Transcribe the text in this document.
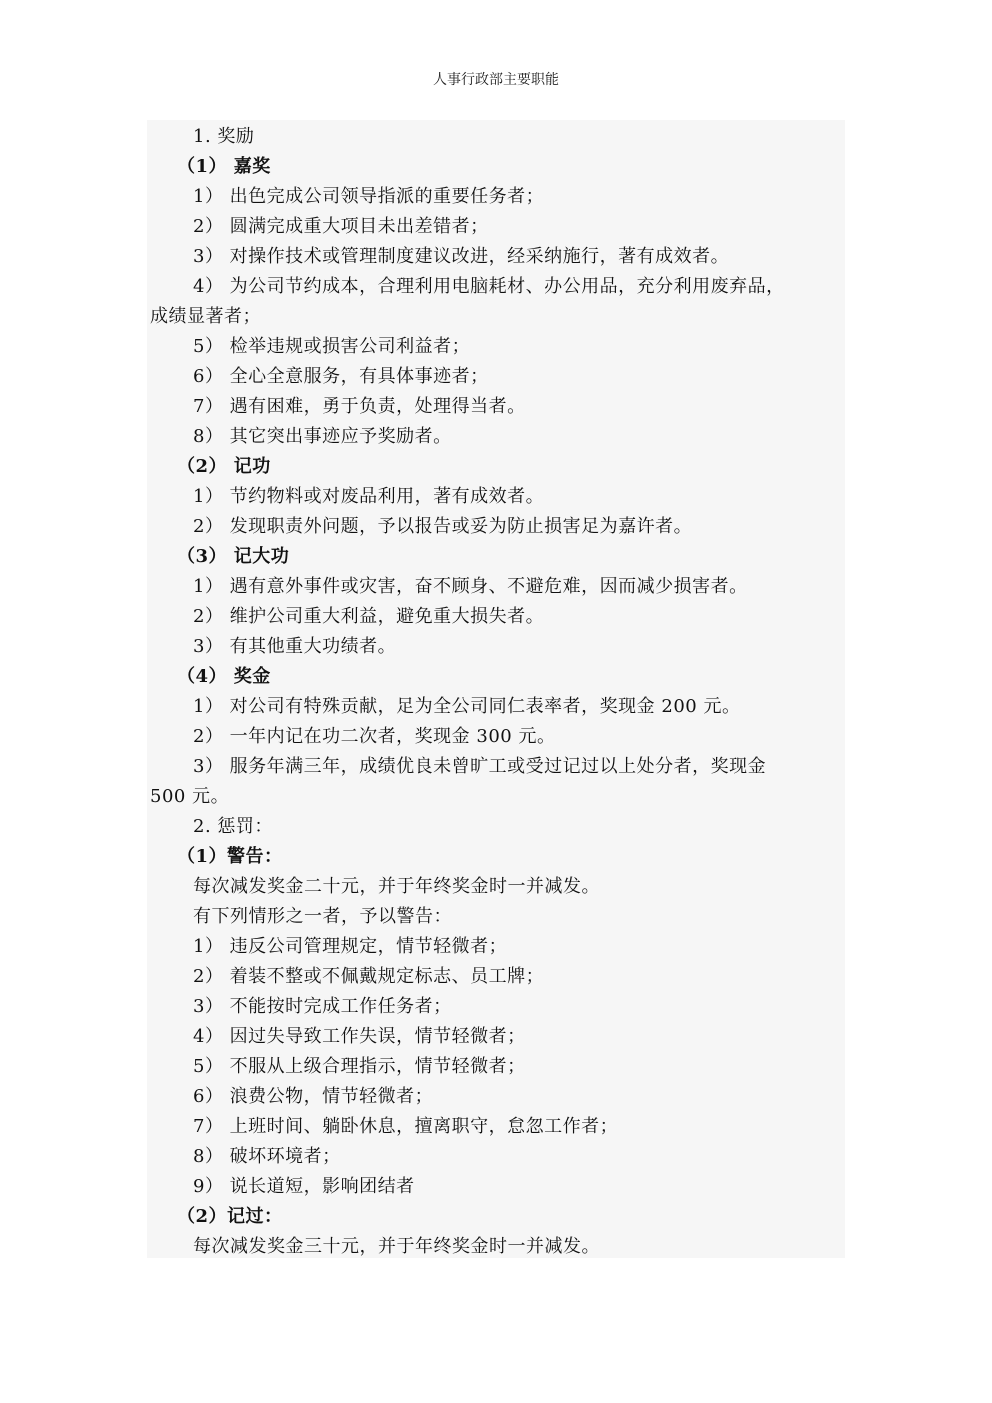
人事行政部主要职能
1. 奖励
（1） 嘉奖
1） 出色完成公司领导指派的重要任务者；
2） 圆满完成重大项目未出差错者；
3） 对操作技术或管理制度建议改进，经采纳施行，著有成效者。
4） 为公司节约成本，合理利用电脑耗材、办公用品，充分利用废弃品，
成绩显著者；
5） 检举违规或损害公司利益者；
6） 全心全意服务，有具体事迹者；
7） 遇有困难，勇于负责，处理得当者。
8） 其它突出事迹应予奖励者。
（2） 记功
1） 节约物料或对废品利用，著有成效者。
2） 发现职责外问题，予以报告或妥为防止损害足为嘉许者。
（3） 记大功
1） 遇有意外事件或灾害，奋不顾身、不避危难，因而减少损害者。
2） 维护公司重大利益，避免重大损失者。
3） 有其他重大功绩者。
（4） 奖金
1） 对公司有特殊贡献，足为全公司同仁表率者，奖现金 200 元。
2） 一年内记在功二次者，奖现金 300 元。
3） 服务年满三年，成绩优良未曾旷工或受过记过以上处分者，奖现金
500 元。
2. 惩罚：
（1）警告：
每次减发奖金二十元，并于年终奖金时一并减发。
有下列情形之一者，予以警告：
1） 违反公司管理规定，情节轻微者；
2） 着装不整或不佩戴规定标志、员工牌；
3） 不能按时完成工作任务者；
4） 因过失导致工作失误，情节轻微者；
5） 不服从上级合理指示，情节轻微者；
6） 浪费公物，情节轻微者；
7） 上班时间、躺卧休息，擅离职守，怠忽工作者；
8） 破坏环境者；
9） 说长道短，影响团结者
（2）记过：
每次减发奖金三十元，并于年终奖金时一并减发。
